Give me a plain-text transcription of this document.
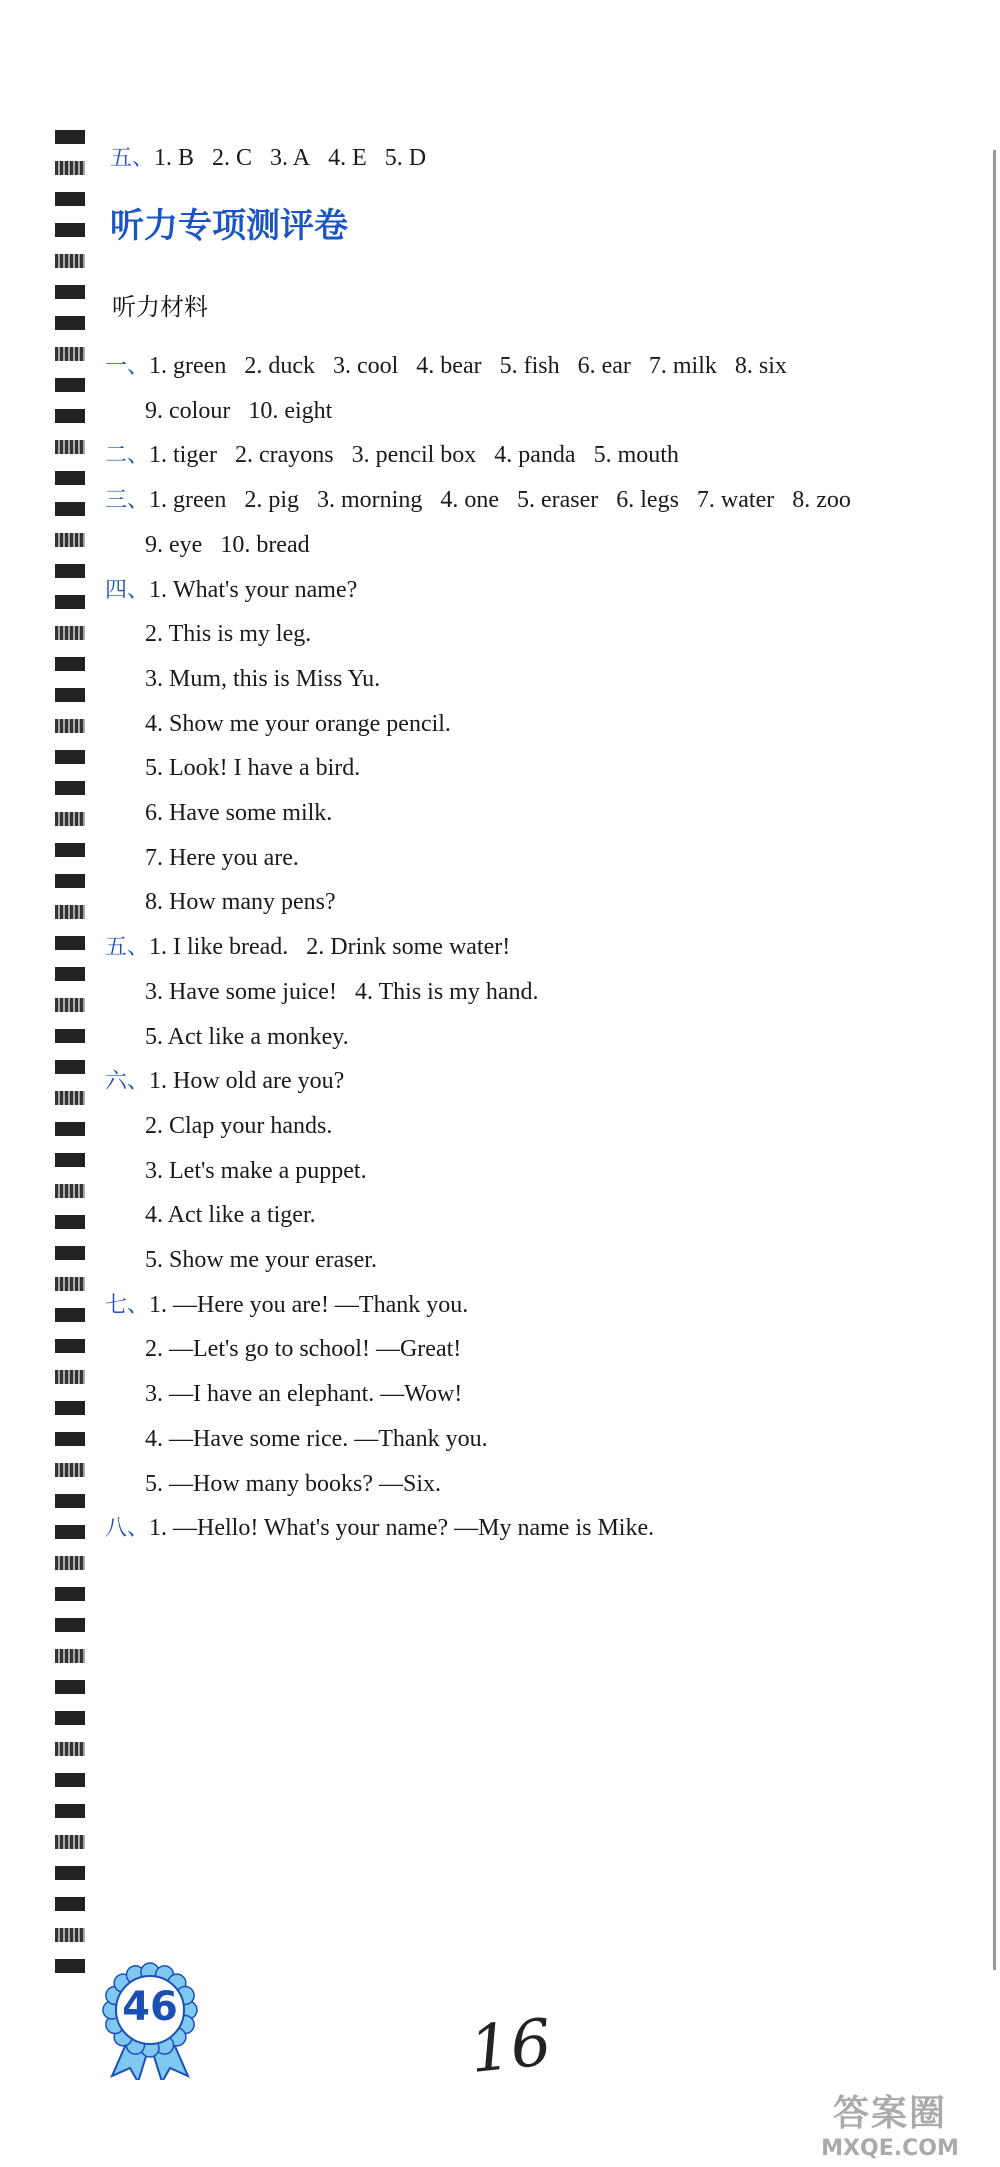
五、1. B 2. C 3. A 4. E 5. D
听力专项测评卷
听力材料
一、1. green 2. duck 3. cool 4. bear 5. fish 6. ear 7. milk 8. six
9. colour 10. eight
二、1. tiger 2. crayons 3. pencil box 4. panda 5. mouth
三、1. green 2. pig 3. morning 4. one 5. eraser 6. legs 7. water 8. zoo
9. eye 10. bread
四、1. What's your name?
2. This is my leg.
3. Mum, this is Miss Yu.
4. Show me your orange pencil.
5. Look! I have a bird.
6. Have some milk.
7. Here you are.
8. How many pens?
五、1. I like bread. 2. Drink some water!
3. Have some juice! 4. This is my hand.
5. Act like a monkey.
六、1. How old are you?
2. Clap your hands.
3. Let's make a puppet.
4. Act like a tiger.
5. Show me your eraser.
七、1. —Here you are! —Thank you.
2. —Let's go to school! —Great!
3. —I have an elephant. —Wow!
4. —Have some rice. —Thank you.
5. —How many books? —Six.
八、1. —Hello! What's your name? —My name is Mike.
46	16
答案圈
MXQE.COM
